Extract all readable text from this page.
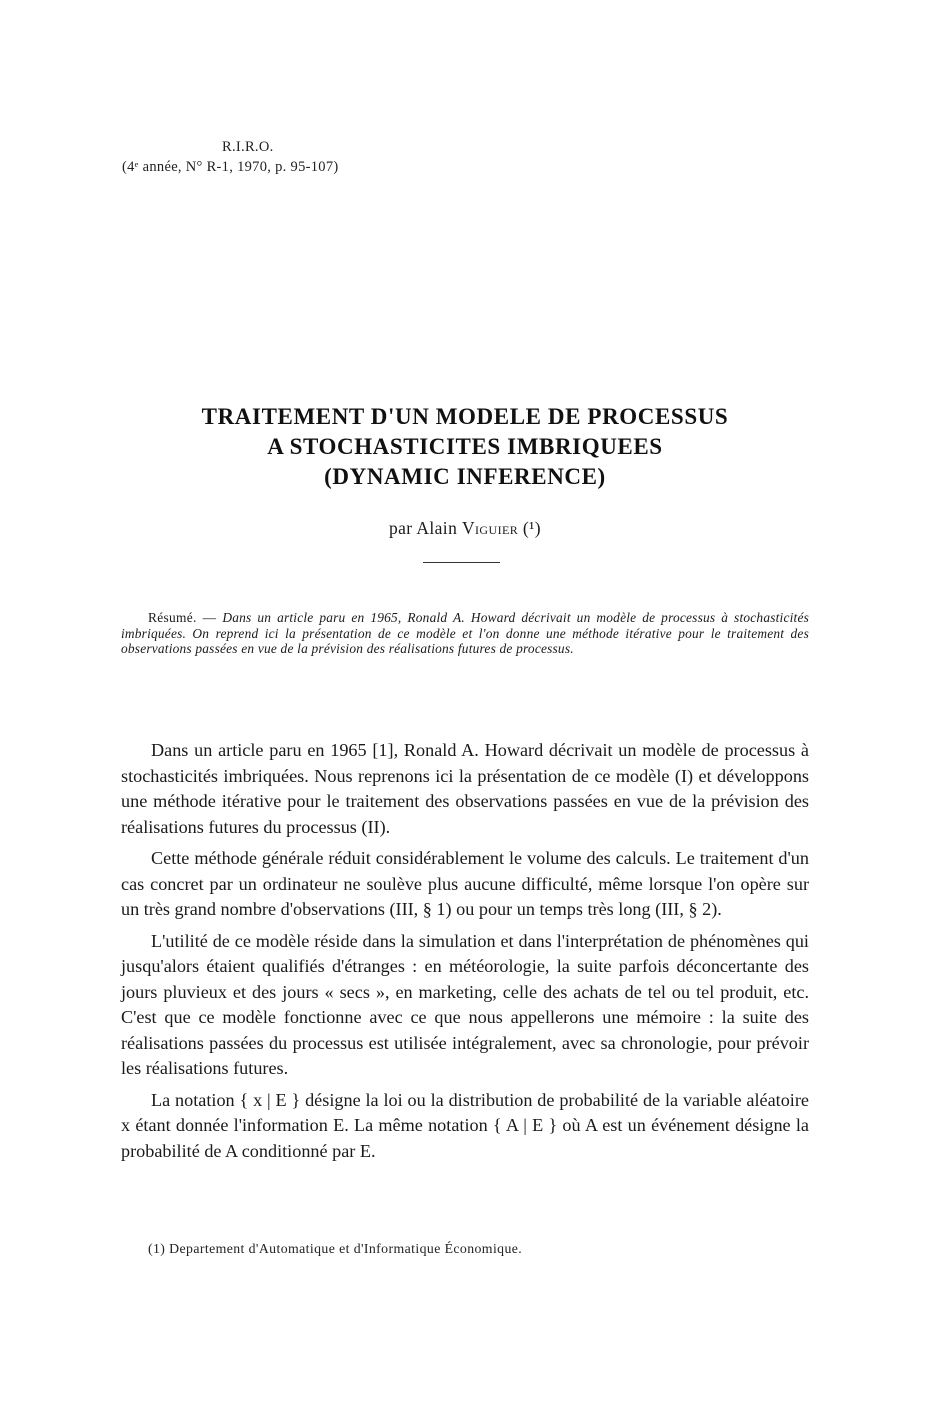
R.I.R.O.
(4ᵉ année, N° R-1, 1970, p. 95-107)
TRAITEMENT D'UN MODELE DE PROCESSUS
A STOCHASTICITES IMBRIQUEES
(DYNAMIC INFERENCE)
par Alain Viguier (¹)
Résumé. — Dans un article paru en 1965, Ronald A. Howard décrivait un modèle de processus à stochasticités imbriquées. On reprend ici la présentation de ce modèle et l'on donne une méthode itérative pour le traitement des observations passées en vue de la prévision des réalisations futures de processus.

Dans un article paru en 1965 [1], Ronald A. Howard décrivait un modèle de processus à stochasticités imbriquées. Nous reprenons ici la présentation de ce modèle (I) et développons une méthode itérative pour le traitement des observations passées en vue de la prévision des réalisations futures du processus (II).

Cette méthode générale réduit considérablement le volume des calculs. Le traitement d'un cas concret par un ordinateur ne soulève plus aucune difficulté, même lorsque l'on opère sur un très grand nombre d'observations (III, § 1) ou pour un temps très long (III, § 2).

L'utilité de ce modèle réside dans la simulation et dans l'interprétation de phénomènes qui jusqu'alors étaient qualifiés d'étranges : en météorologie, la suite parfois déconcertante des jours pluvieux et des jours « secs », en marketing, celle des achats de tel ou tel produit, etc. C'est que ce modèle fonctionne avec ce que nous appellerons une mémoire : la suite des réalisations passées du processus est utilisée intégralement, avec sa chronologie, pour prévoir les réalisations futures.

La notation { x | E } désigne la loi ou la distribution de probabilité de la variable aléatoire x étant donnée l'information E. La même notation { A | E } où A est un événement désigne la probabilité de A conditionné par E.

(1) Departement d'Automatique et d'Informatique Économique.
